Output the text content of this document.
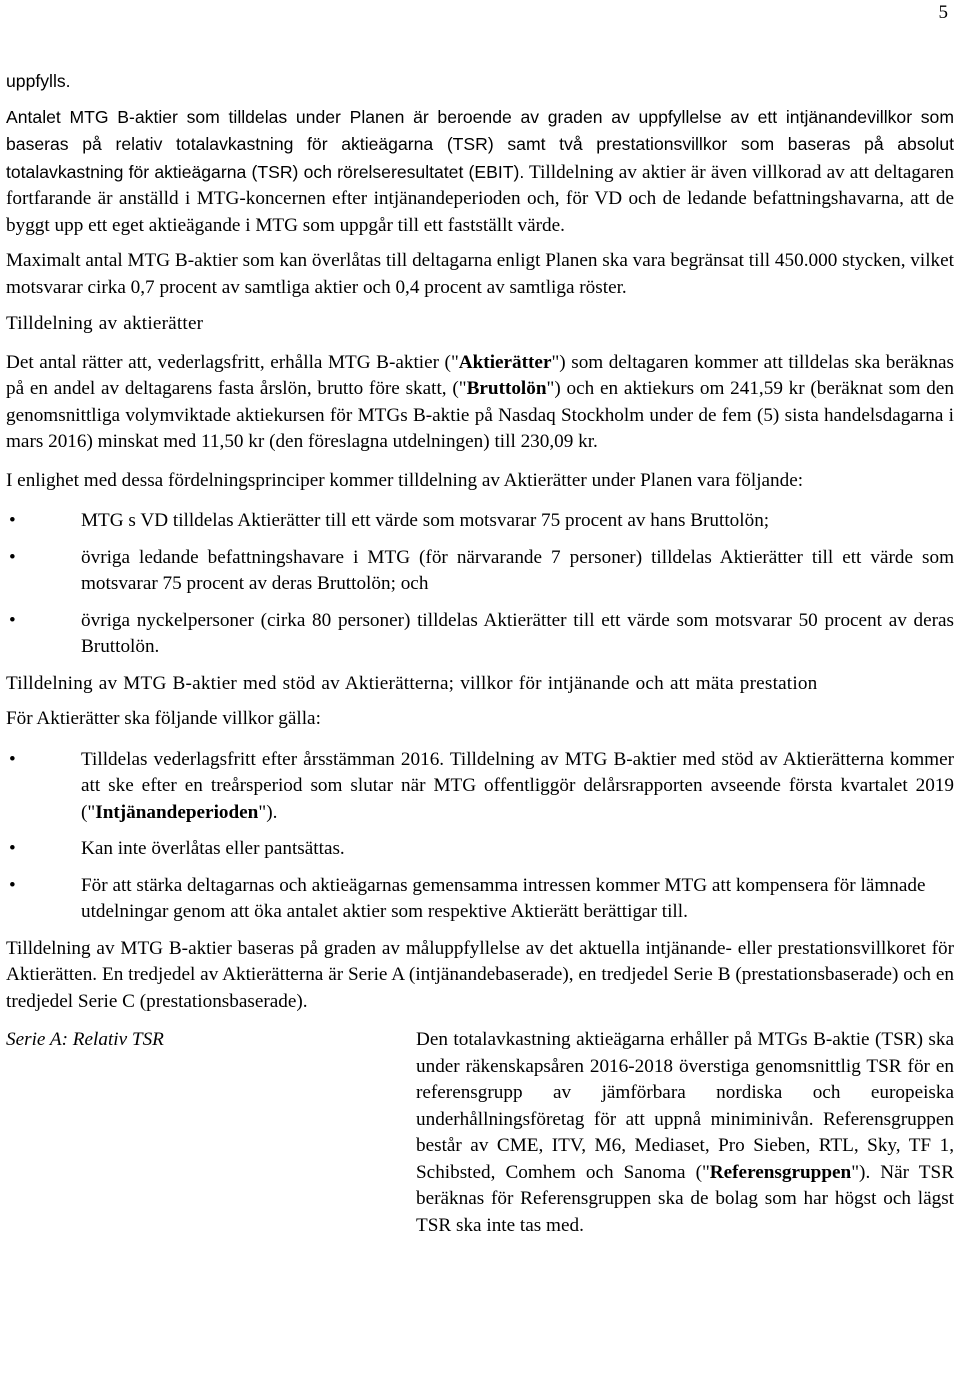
5

uppfylls.

Antalet MTG B-aktier som tilldelas under Planen är beroende av graden av uppfyllelse av ett intjänandevillkor som baseras på relativ totalavkastning för aktieägarna (TSR) samt två prestationsvillkor som baseras på absolut totalavkastning för aktieägarna (TSR) och rörelseresultatet (EBIT). Tilldelning av aktier är även villkorad av att deltagaren fortfarande är anställd i MTG-koncernen efter intjänandeperioden och, för VD och de ledande befattningshavarna, att de byggt upp ett eget aktieägande i MTG som uppgår till ett fastställt värde.

Maximalt antal MTG B-aktier som kan överlåtas till deltagarna enligt Planen ska vara begränsat till 450.000 stycken, vilket motsvarar cirka 0,7 procent av samtliga aktier och 0,4 procent av samtliga röster.

Tilldelning av aktierätter

Det antal rätter att, vederlagsfritt, erhålla MTG B-aktier ("Aktierätter") som deltagaren kommer att tilldelas ska beräknas på en andel av deltagarens fasta årslön, brutto före skatt, ("Bruttolön") och en aktiekurs om 241,59 kr (beräknat som den genomsnittliga volymviktade aktiekursen för MTGs B-aktie på Nasdaq Stockholm under de fem (5) sista handelsdagarna i mars 2016) minskat med 11,50 kr (den föreslagna utdelningen) till 230,09 kr.

I enlighet med dessa fördelningsprinciper kommer tilldelning av Aktierätter under Planen vara följande:

•	MTG s VD tilldelas Aktierätter till ett värde som motsvarar 75 procent av hans Bruttolön;
•	övriga ledande befattningshavare i MTG (för närvarande 7 personer) tilldelas Aktierätter till ett värde som motsvarar 75 procent av deras Bruttolön; och
•	övriga nyckelpersoner (cirka 80 personer) tilldelas Aktierätter till ett värde som motsvarar 50 procent av deras Bruttolön.

Tilldelning av MTG B-aktier med stöd av Aktierätterna; villkor för intjänande och att mäta prestation

För Aktierätter ska följande villkor gälla:

•	Tilldelas vederlagsfritt efter årsstämman 2016. Tilldelning av MTG B-aktier med stöd av Aktierätterna kommer att ske efter en treårsperiod som slutar när MTG offentliggör delårsrapporten avseende första kvartalet 2019 ("Intjänandeperioden").
•	Kan inte överlåtas eller pantsättas.
•	För att stärka deltagarnas och aktieägarnas gemensamma intressen kommer MTG att kompensera för lämnade utdelningar genom att öka antalet aktier som respektive Aktierätt berättigar till.

Tilldelning av MTG B-aktier baseras på graden av måluppfyllelse av det aktuella intjänande- eller prestationsvillkoret för Aktierätten. En tredjedel av Aktierätterna är Serie A (intjänandebaserade), en tredjedel Serie B (prestationsbaserade) och en tredjedel Serie C (prestationsbaserade).

Serie A: Relativ TSR	Den totalavkastning aktieägarna erhåller på MTGs B-aktie (TSR) ska under räkenskapsåren 2016-2018 överstiga genomsnittlig TSR för en referensgrupp av jämförbara nordiska och europeiska underhållningsföretag för att uppnå miniminivån. Referensgruppen består av CME, ITV, M6, Mediaset, Pro Sieben, RTL, Sky, TF 1, Schibsted, Comhem och Sanoma ("Referensgruppen"). När TSR beräknas för Referensgruppen ska de bolag som har högst och lägst TSR ska inte tas med.
